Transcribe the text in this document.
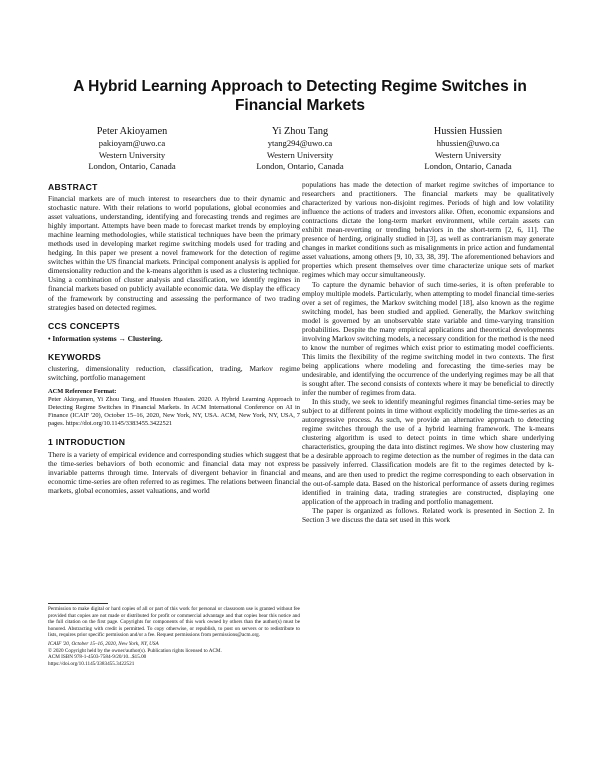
A Hybrid Learning Approach to Detecting Regime Switches in Financial Markets
Peter Akioyamen
pakioyam@uwo.ca
Western University
London, Ontario, Canada
Yi Zhou Tang
ytang294@uwo.ca
Western University
London, Ontario, Canada
Hussien Hussien
hhussien@uwo.ca
Western University
London, Ontario, Canada
ABSTRACT

Financial markets are of much interest to researchers due to their dynamic and stochastic nature. With their relations to world populations, global economies and asset valuations, understanding, identifying and forecasting trends and regimes are highly important. Attempts have been made to forecast market trends by employing machine learning methodologies, while statistical techniques have been the primary methods used in developing market regime switching models used for trading and hedging. In this paper we present a novel framework for the detection of regime switches within the US financial markets. Principal component analysis is applied for dimensionality reduction and the k-means algorithm is used as a clustering technique. Using a combination of cluster analysis and classification, we identify regimes in financial markets based on publicly available economic data. We display the efficacy of the framework by constructing and assessing the performance of two trading strategies based on detected regimes.

CCS CONCEPTS

• Information systems → Clustering.

KEYWORDS

clustering, dimensionality reduction, classification, trading, Markov regime switching, portfolio management

ACM Reference Format:
Peter Akioyamen, Yi Zhou Tang, and Hussien Hussien. 2020. A Hybrid Learning Approach to Detecting Regime Switches in Financial Markets. In ACM International Conference on AI in Finance (ICAIF '20), October 15–16, 2020, New York, NY, USA. ACM, New York, NY, USA, 7 pages. https://doi.org/10.1145/3383455.3422521
1 INTRODUCTION

There is a variety of empirical evidence and corresponding studies which suggest that the time-series behaviors of both economic and financial data may not express invariable patterns through time. Intervals of divergent behavior in financial and economic time-series are often referred to as regimes. The relations between financial markets, global economies, asset valuations, and world

Permission to make digital or hard copies of all or part of this work for personal or classroom use is granted without fee provided that copies are not made or distributed for profit or commercial advantage and that copies bear this notice and the full citation on the first page. Copyrights for components of this work owned by others than the author(s) must be honored. Abstracting with credit is permitted. To copy otherwise, or republish, to post on servers or to redistribute to lists, requires prior specific permission and/or a fee. Request permissions from permissions@acm.org.
ICAIF '20, October 15–16, 2020, New York, NY, USA
© 2020 Copyright held by the owner/author(s). Publication rights licensed to ACM.
ACM ISBN 978-1-4503-7584-9/20/10...$15.00
https://doi.org/10.1145/3383455.3422521

populations has made the detection of market regime switches of importance to researchers and practitioners. The financial markets may be qualitatively characterized by various non-disjoint regimes. Periods of high and low volatility influence the actions of traders and investors alike. Often, economic expansions and contractions dictate the long-term market environment, while certain assets can exhibit mean-reverting or trending behaviors in the short-term [2, 6, 11]. The presence of herding, originally studied in [3], as well as contrarianism may generate changes in market conditions such as misalignments in price action and fundamental asset valuations, among others [9, 10, 33, 38, 39]. The aforementioned behaviors and properties which present themselves over time characterize unique sets of market regimes which may occur simultaneously.

To capture the dynamic behavior of such time-series, it is often preferable to employ multiple models. Particularly, when attempting to model financial time-series over a set of regimes, the Markov switching model [18], also known as the regime switching model, has been studied and applied. Generally, the Markov switching model is governed by an unobservable state variable and time-varying transition probabilities. Despite the many empirical applications and theoretical developments involving Markov switching models, a necessary condition for the method is the need to know the number of regimes which exist prior to estimating model coefficients. This limits the flexibility of the regime switching model in two contexts. The first being applications where modeling and forecasting the time-series may be undesirable, and identifying the occurrence of the underlying regimes may be all that is sought after. The second consists of contexts where it may be beneficial to directly infer the number of regimes from data.

In this study, we seek to identify meaningful regimes financial time-series may be subject to at different points in time without explicitly modeling the time-series as an autoregressive process. As such, we provide an alternative approach to detecting regime switches through the use of a hybrid learning framework. The k-means clustering algorithm is used to detect points in time which share underlying characteristics, grouping the data into distinct regimes. We show how clustering may be a desirable approach to regime detection as the number of regimes in the data can be passively inferred. Classification models are fit to the regimes detected by k-means, and are then used to predict the regime corresponding to each observation in the out-of-sample data. Based on the historical performance of assets during regimes identified in training data, trading strategies are constructed, displaying one application of the approach in trading and portfolio management.

The paper is organized as follows. Related work is presented in Section 2. In Section 3 we discuss the data set used in this work
